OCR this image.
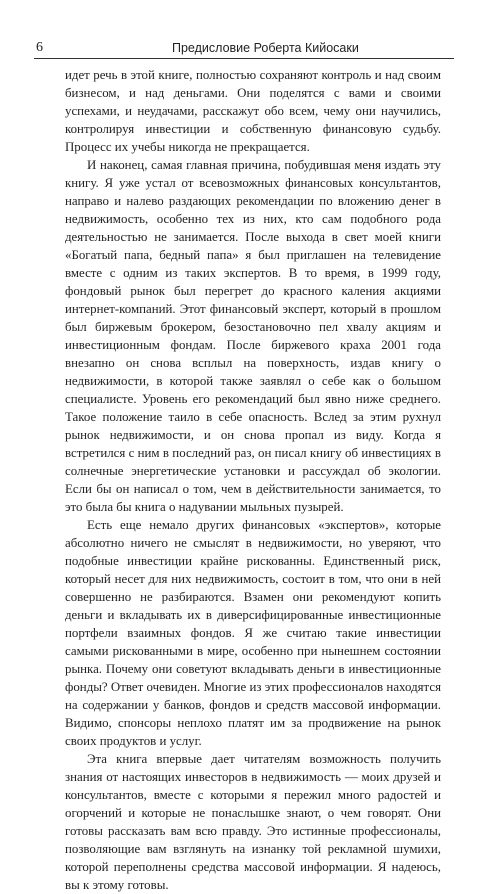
6	Предисловие Роберта Кийосаки

идет речь в этой книге, полностью сохраняют контроль и над своим бизнесом, и над деньгами. Они поделятся с вами и своими успехами, и неудачами, расскажут обо всем, чему они научились, контролируя инвестиции и собственную финансовую судьбу. Процесс их учебы никогда не прекращается.

И наконец, самая главная причина, побудившая меня издать эту книгу. Я уже устал от всевозможных финансовых консультантов, направо и налево раздающих рекомендации по вложению денег в недвижимость, особенно тех из них, кто сам подобного рода деятельностью не занимается. После выхода в свет моей книги «Богатый папа, бедный папа» я был приглашен на телевидение вместе с одним из таких экспертов. В то время, в 1999 году, фондовый рынок был перегрет до красного каления акциями интернет-компаний. Этот финансовый эксперт, который в прошлом был биржевым брокером, безостановочно пел хвалу акциям и инвестиционным фондам. После биржевого краха 2001 года внезапно он снова всплыл на поверхность, издав книгу о недвижимости, в которой также заявлял о себе как о большом специалисте. Уровень его рекомендаций был явно ниже среднего. Такое положение таило в себе опасность. Вслед за этим рухнул рынок недвижимости, и он снова пропал из виду. Когда я встретился с ним в последний раз, он писал книгу об инвестициях в солнечные энергетические установки и рассуждал об экологии. Если бы он написал о том, чем в действительности занимается, то это была бы книга о надувании мыльных пузырей.

Есть еще немало других финансовых «экспертов», которые абсолютно ничего не смыслят в недвижимости, но уверяют, что подобные инвестиции крайне рискованны. Единственный риск, который несет для них недвижимость, состоит в том, что они в ней совершенно не разбираются. Взамен они рекомендуют копить деньги и вкладывать их в диверсифицированные инвестиционные портфели взаимных фондов. Я же считаю такие инвестиции самыми рискованными в мире, особенно при нынешнем состоянии рынка. Почему они советуют вкладывать деньги в инвестиционные фонды? Ответ очевиден. Многие из этих профессионалов находятся на содержании у банков, фондов и средств массовой информации. Видимо, спонсоры неплохо платят им за продвижение на рынок своих продуктов и услуг.

Эта книга впервые дает читателям возможность получить знания от настоящих инвесторов в недвижимость — моих друзей и консультантов, вместе с которыми я пережил много радостей и огорчений и которые не понаслышке знают, о чем говорят. Они готовы рассказать вам всю правду. Это истинные профессионалы, позволяющие вам взглянуть на изнанку той рекламной шумихи, которой переполнены средства массовой информации. Я надеюсь, вы к этому готовы.
